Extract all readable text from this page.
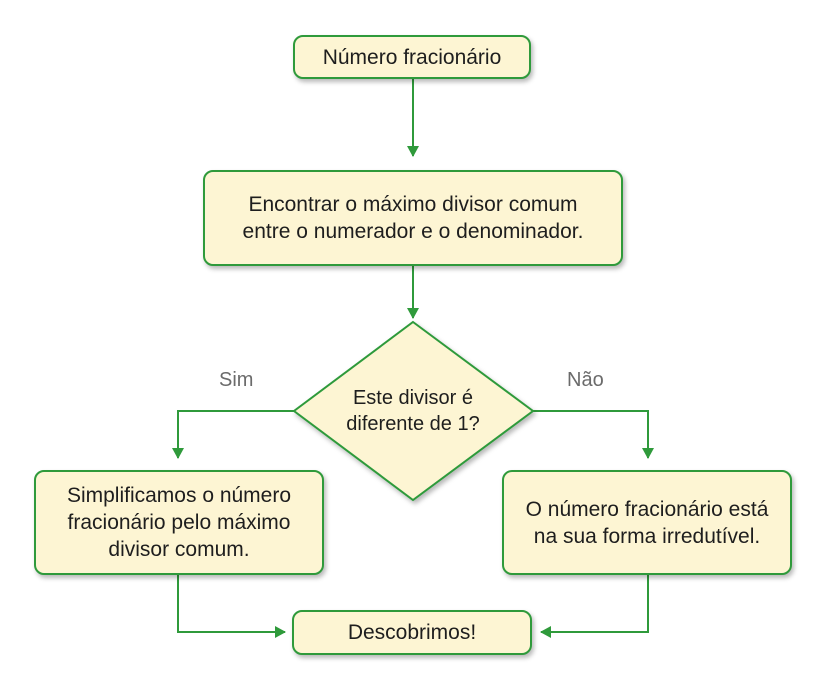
Número fracionário
Encontrar o máximo divisor comum
entre o numerador e o denominador.
Este divisor é
diferente de 1?
Sim	Não
Simplificamos o número
fracionário pelo máximo
divisor comum.
O número fracionário está
na sua forma irredutível.
Descobrimos!
